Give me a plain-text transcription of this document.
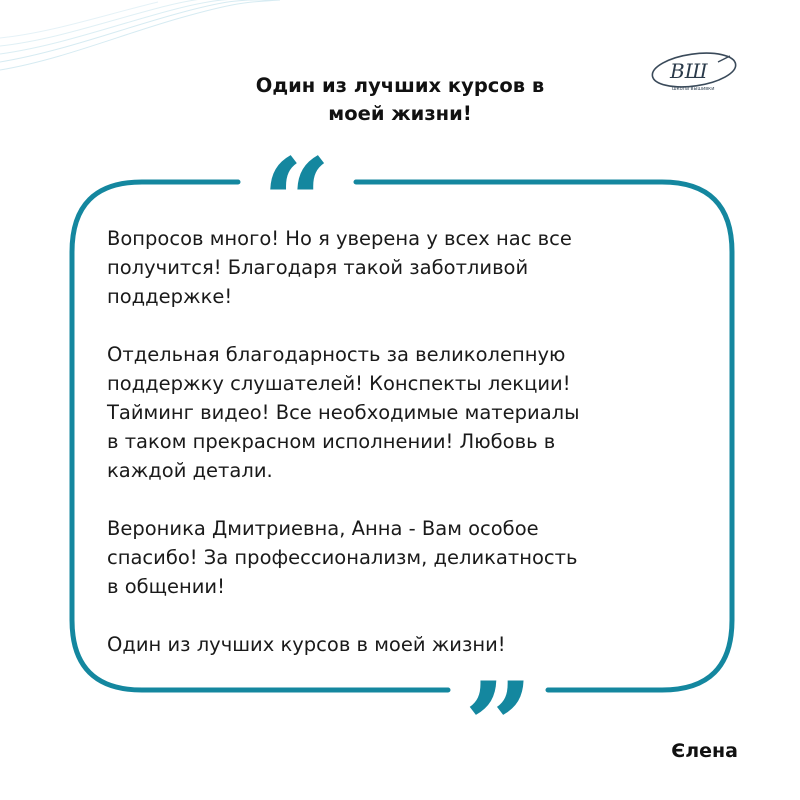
ВШ
школа вышивки
Один из лучших курсов в
моей жизни!
“
”

Вопросов много! Но я уверена у всех нас все
получится! Благодаря такой заботливой
поддержке!

Отдельная благодарность за великолепную
поддержку слушателей! Конспекты лекции!
Тайминг видео! Все необходимые материалы
в таком прекрасном исполнении! Любовь в
каждой детали.

Вероника Дмитриевна, Анна - Вам особое
спасибо! За профессионализм, деликатность
в общении!

Один из лучших курсов в моей жизни!

Єлена
